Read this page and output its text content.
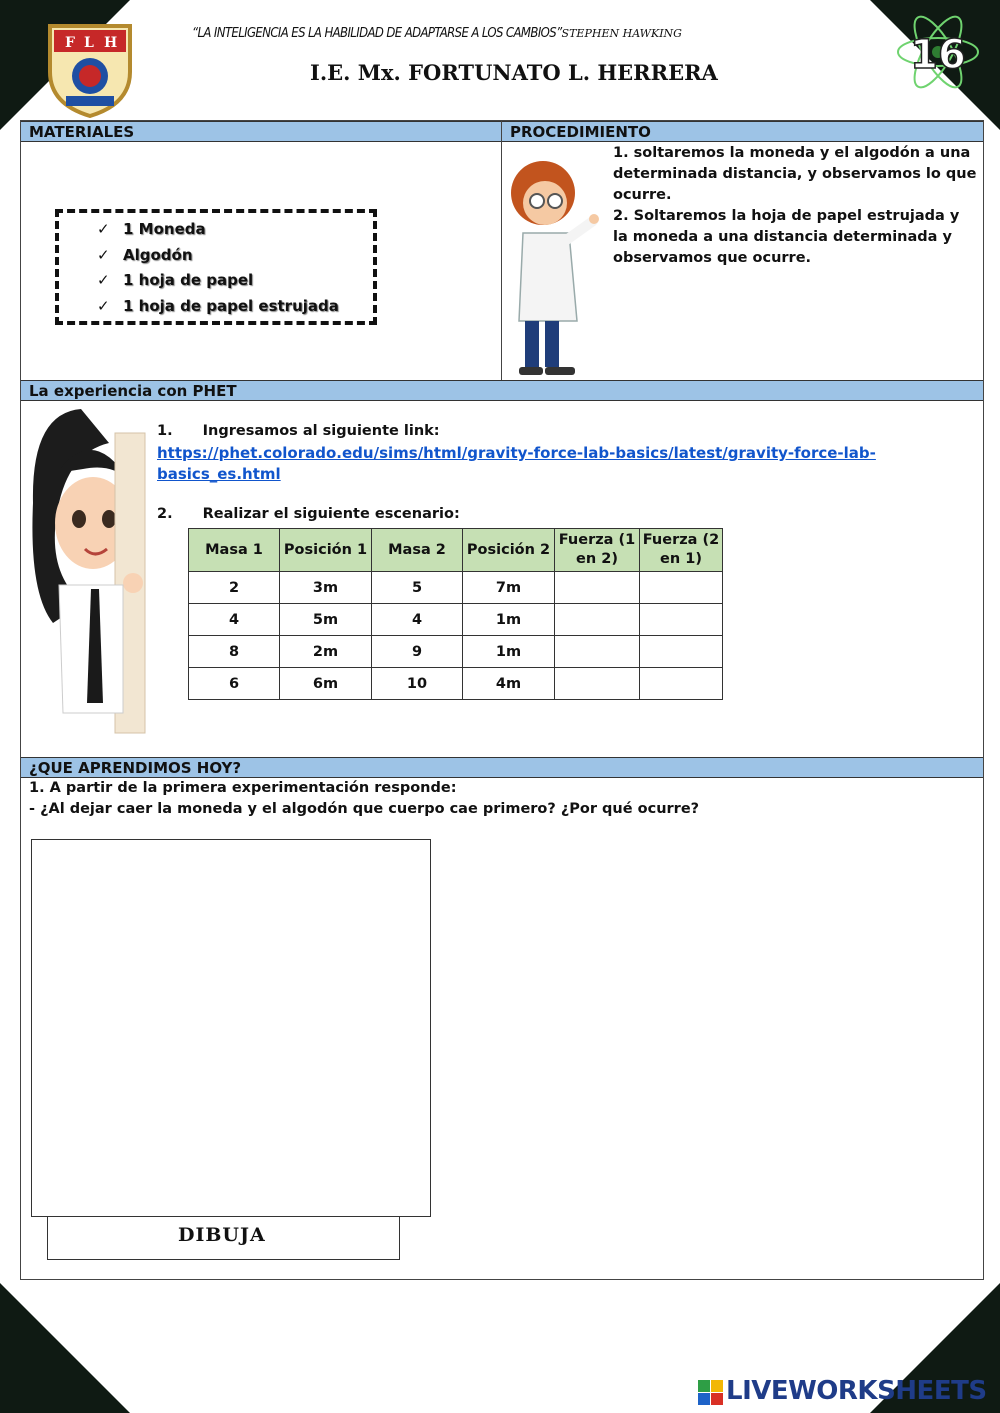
F L H
“LA INTELIGENCIA ES LA HABILIDAD DE ADAPTARSE A LOS CAMBIOS”STEPHEN HAWKING
I.E. Mx. FORTUNATO L. HERRERA	16
MATERIALES	PROCEDIMIENTO
✓ 1 Moneda
✓ Algodón
✓ 1 hoja de papel
✓ 1 hoja de papel estrujada
1. soltaremos la moneda y el algodón a una determinada distancia, y observamos lo que ocurre.
2. Soltaremos la hoja de papel estrujada y la moneda a una distancia determinada y observamos que ocurre.
La experiencia con PHET
1. Ingresamos al siguiente link:
https://phet.colorado.edu/sims/html/gravity-force-lab-basics/latest/gravity-force-lab-basics_es.html
2. Realizar el siguiente escenario:
Masa 1	Posición 1	Masa 2	Posición 2	Fuerza (1 en 2)	Fuerza (2 en 1)
2	3m	5	7m		
4	5m	4	1m		
8	2m	9	1m		
6	6m	10	4m		
¿QUE APRENDIMOS HOY?
1. A partir de la primera experimentación responde:
- ¿Al dejar caer la moneda y el algodón que cuerpo cae primero? ¿Por qué ocurre?
DIBUJA
LIVEWORKSHEETS
